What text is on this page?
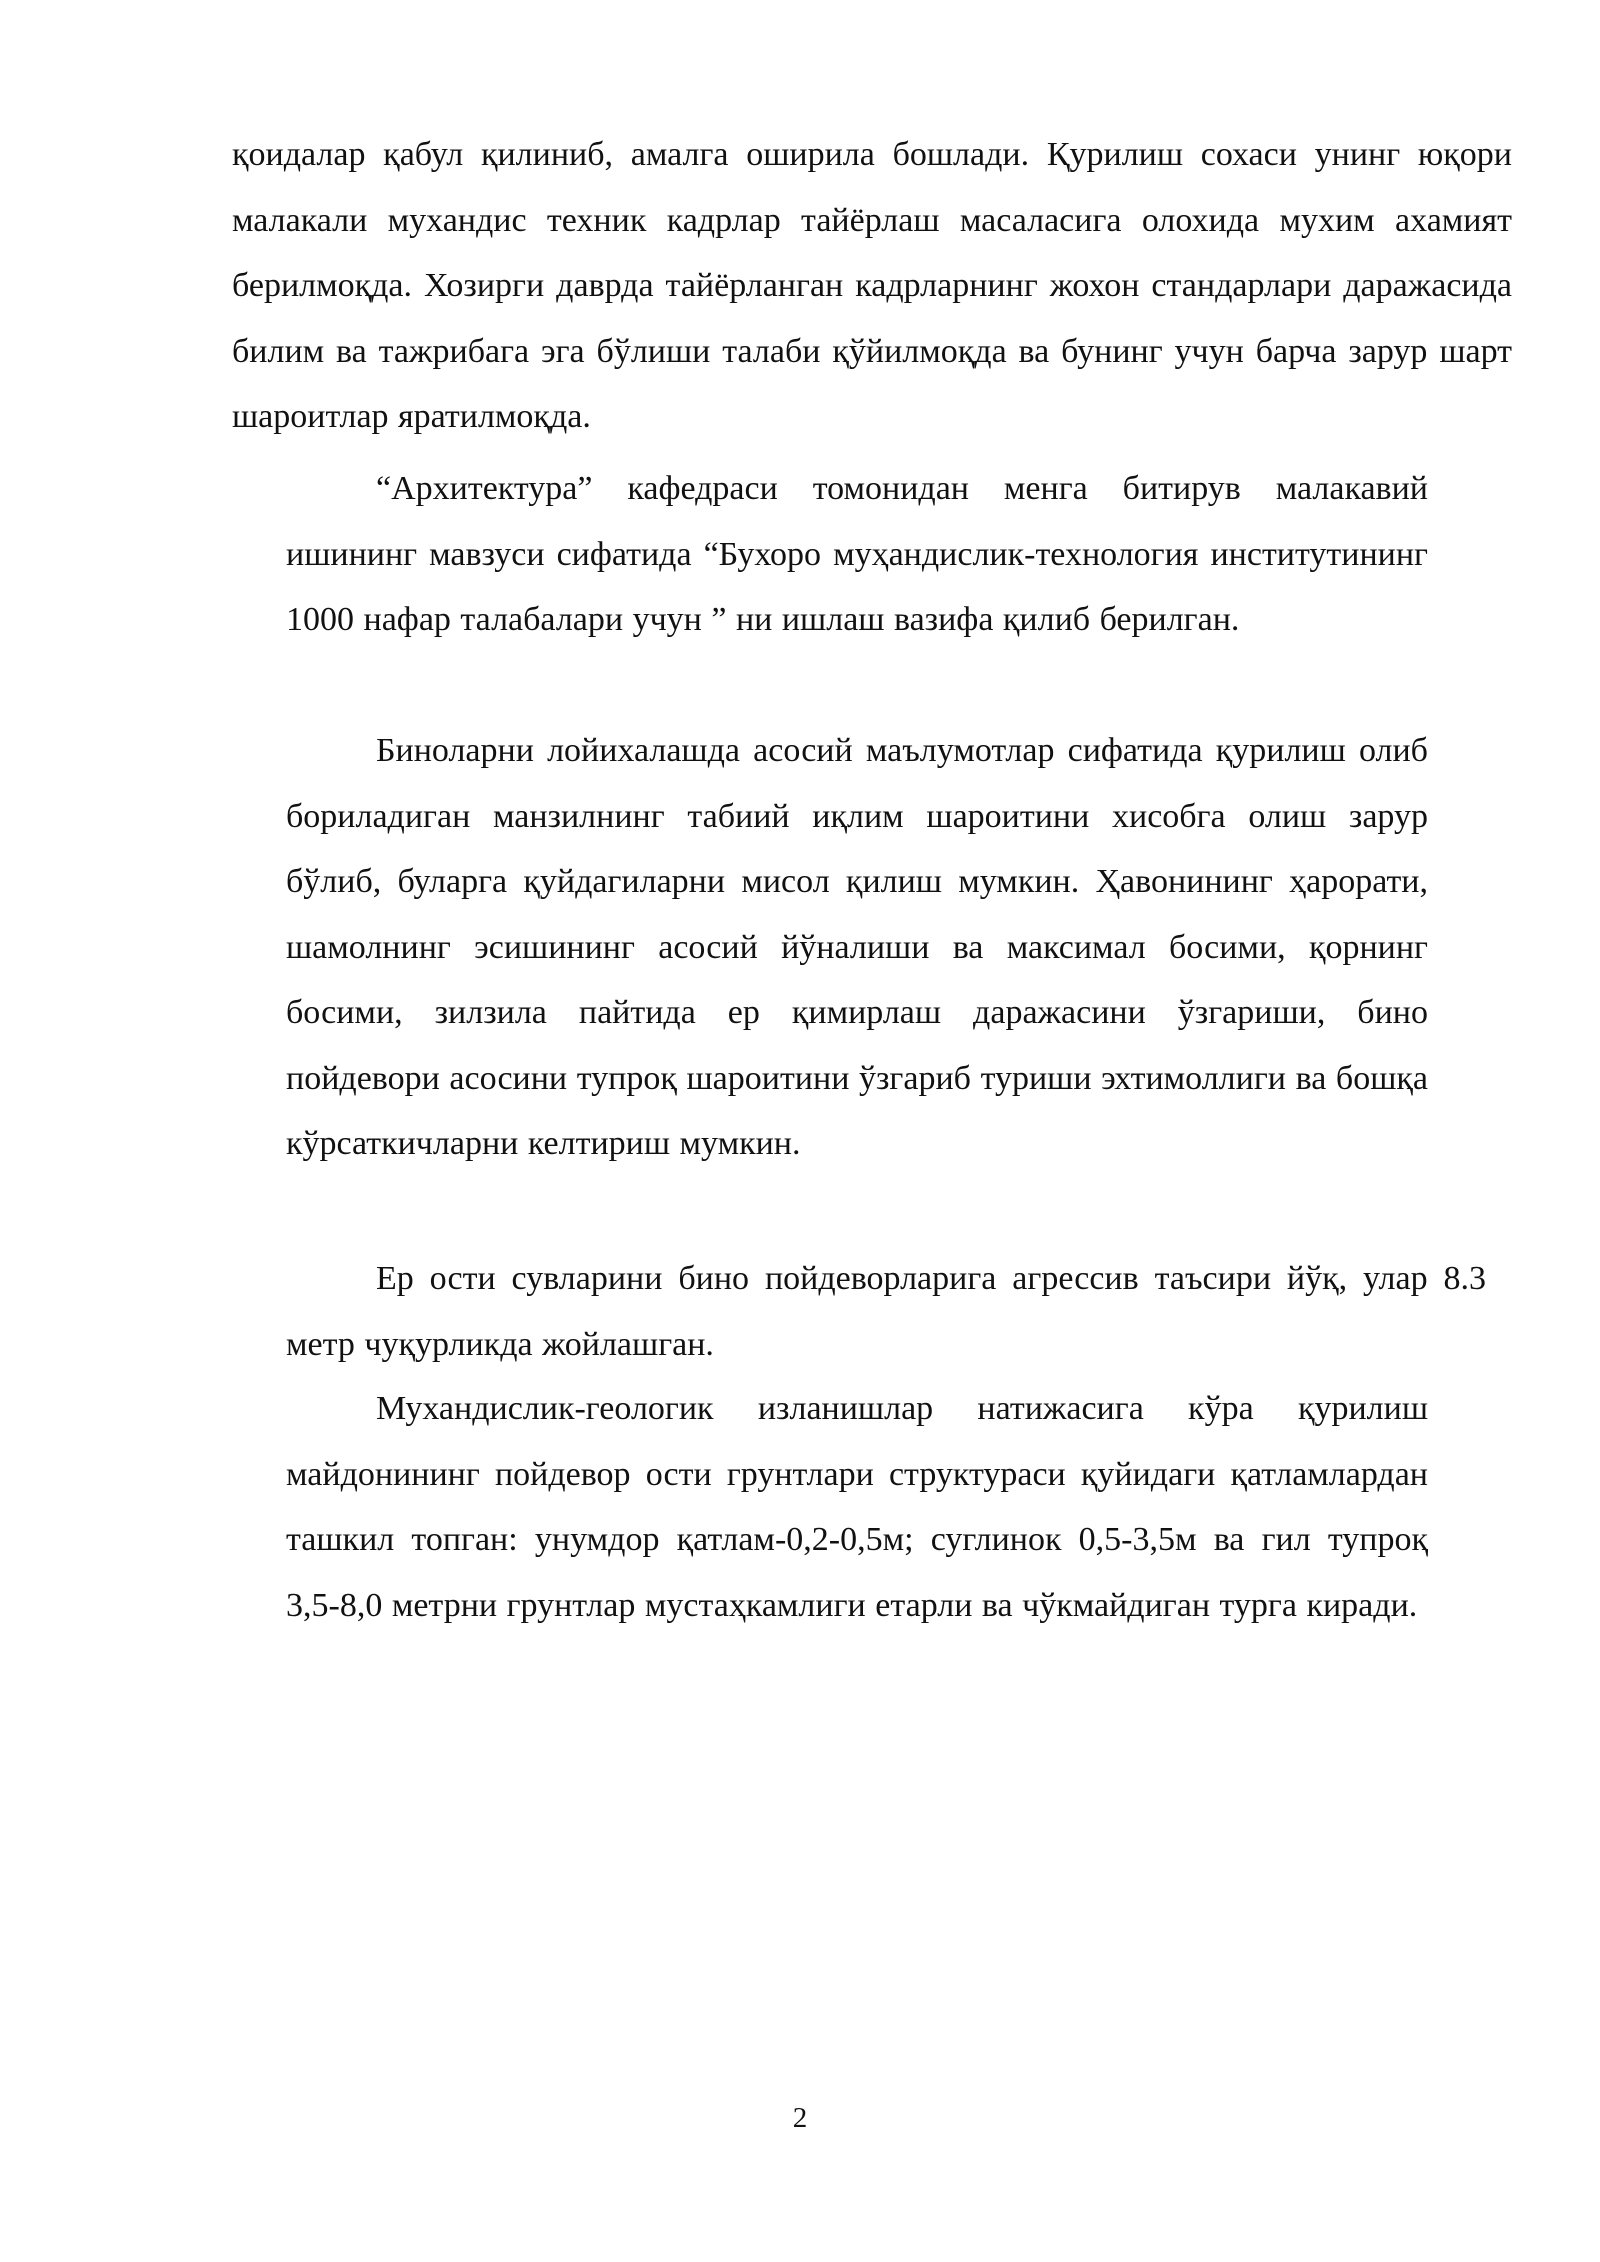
қоидалар қабул қилиниб, амалга оширила бошлади. Қурилиш сохаси унинг юқори малакали мухандис техник кадрлар тайёрлаш масаласига олохида мухим ахамият берилмоқда. Хозирги даврда тайёрланган кадрларнинг жохон стандарлари даражасида билим ва тажрибага эга бўлиши талаби қўйилмоқда ва бунинг учун барча зарур шарт шароитлар яратилмоқда.

“Архитектура” кафедраси томонидан менга битирув малакавий ишининг мавзуси сифатида “Бухоро муҳандислик-технология институтининг 1000 нафар талабалари учун ” ни ишлаш вазифа қилиб берилган.

Биноларни лойихалашда асосий маълумотлар сифатида қурилиш олиб бориладиган манзилнинг табиий иқлим шароитини хисобга олиш зарур бўлиб, буларга қуйдагиларни мисол қилиш мумкин. Ҳавонининг ҳарорати, шамолнинг эсишининг асосий йўналиши ва максимал босими, қорнинг босими, зилзила пайтида ер қимирлаш даражасини ўзгариши, бино пойдевори асосини тупроқ шароитини ўзгариб туриши эхтимоллиги ва бошқа кўрсаткичларни келтириш мумкин.

Ер ости сувларини бино пойдеворларига агрессив таъсири йўқ, улар 8.3 метр чуқурликда жойлашган.

Мухандислик-геологик изланишлар натижасига кўра қурилиш майдонининг пойдевор ости грунтлари структураси қуйидаги қатламлардан ташкил топган: унумдор қатлам-0,2-0,5м; суглинок 0,5-3,5м ва гил тупроқ 3,5-8,0 метрни грунтлар мустаҳкамлиги етарли ва чўкмайдиган турга киради.

2
